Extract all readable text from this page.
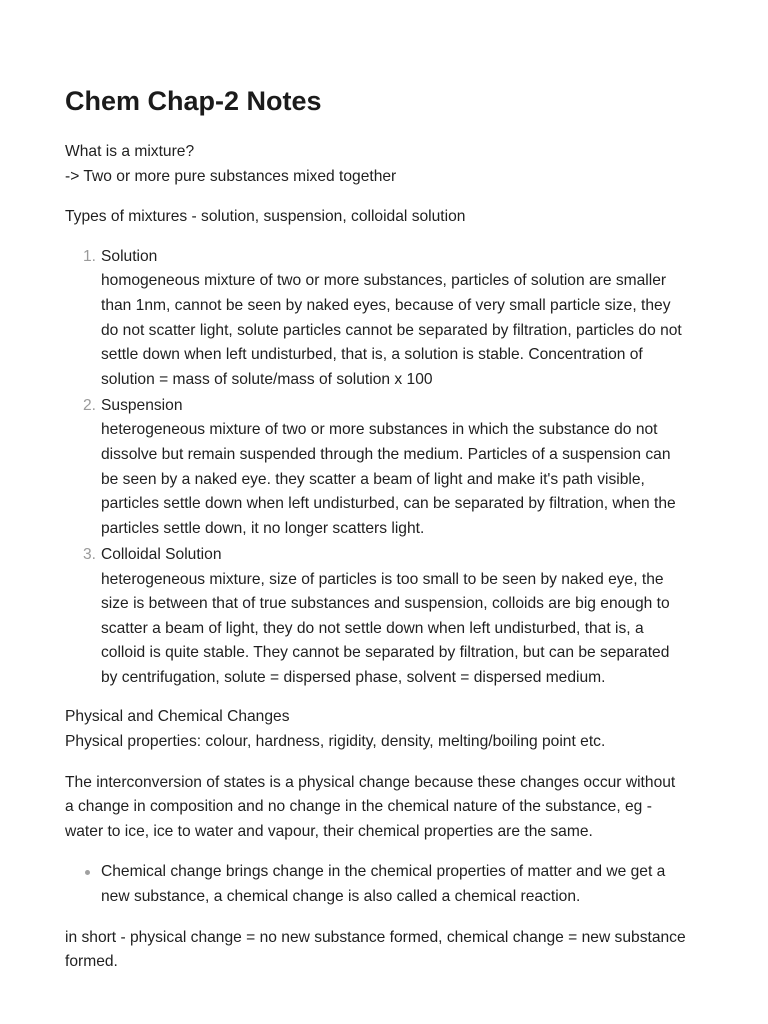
Chem Chap-2 Notes

What is a mixture?
-> Two or more pure substances mixed together

Types of mixtures - solution, suspension, colloidal solution

1. Solution
homogeneous mixture of two or more substances, particles of solution are smaller
than 1nm, cannot be seen by naked eyes, because of very small particle size, they
do not scatter light, solute particles cannot be separated by filtration, particles do not
settle down when left undisturbed, that is, a solution is stable. Concentration of
solution = mass of solute/mass of solution x 100
2. Suspension
heterogeneous mixture of two or more substances in which the substance do not
dissolve but remain suspended through the medium. Particles of a suspension can
be seen by a naked eye. they scatter a beam of light and make it's path visible,
particles settle down when left undisturbed, can be separated by filtration, when the
particles settle down, it no longer scatters light.
3. Colloidal Solution
heterogeneous mixture, size of particles is too small to be seen by naked eye, the
size is between that of true substances and suspension, colloids are big enough to
scatter a beam of light, they do not settle down when left undisturbed, that is, a
colloid is quite stable. They cannot be separated by filtration, but can be separated
by centrifugation, solute = dispersed phase, solvent = dispersed medium.

Physical and Chemical Changes
Physical properties: colour, hardness, rigidity, density, melting/boiling point etc.

The interconversion of states is a physical change because these changes occur without
a change in composition and no change in the chemical nature of the substance, eg -
water to ice, ice to water and vapour, their chemical properties are the same.

Chemical change brings change in the chemical properties of matter and we get a
new substance, a chemical change is also called a chemical reaction.

in short - physical change = no new substance formed, chemical change = new substance
formed.
